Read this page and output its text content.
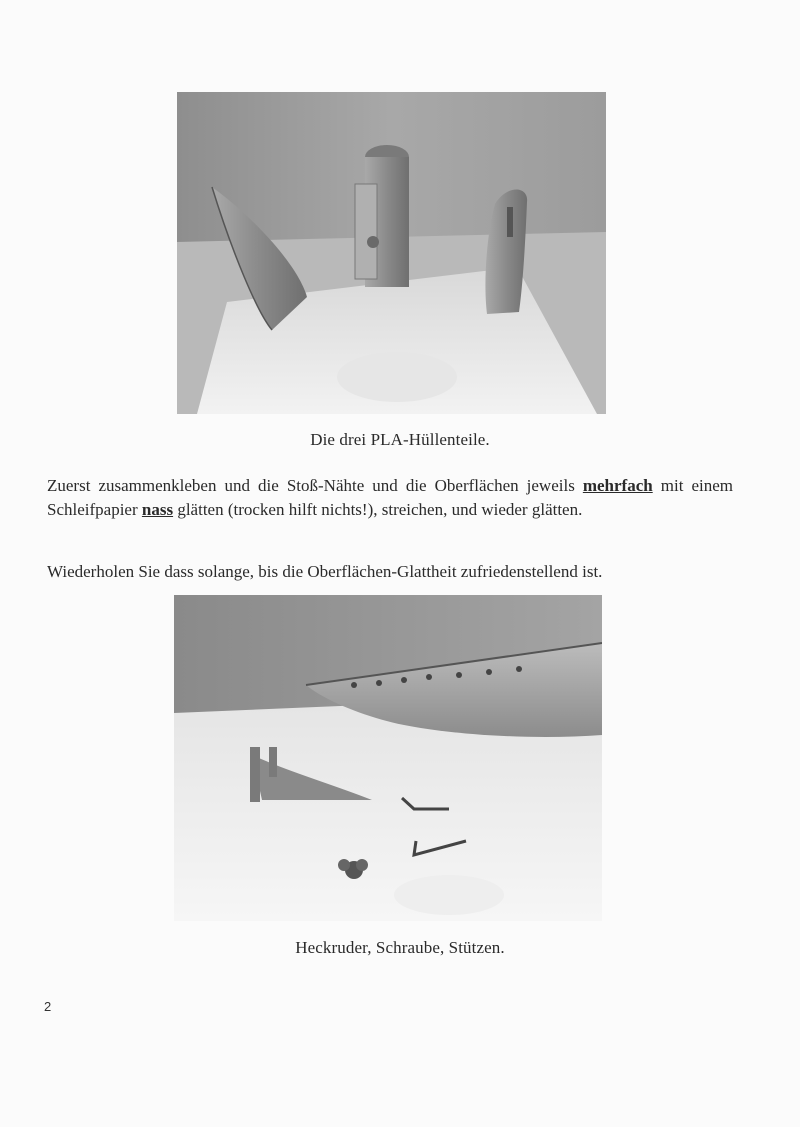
Die drei PLA-Hüllenteile.
Zuerst zusammenkleben und die Stoß-Nähte und die Oberflächen jeweils mehrfach mit einem Schleifpapier nass glätten (trocken hilft nichts!), streichen, und wieder glätten.
Wiederholen Sie dass solange, bis die Oberflächen-Glattheit zufriedenstellend ist.
Heckruder, Schraube, Stützen.
2
